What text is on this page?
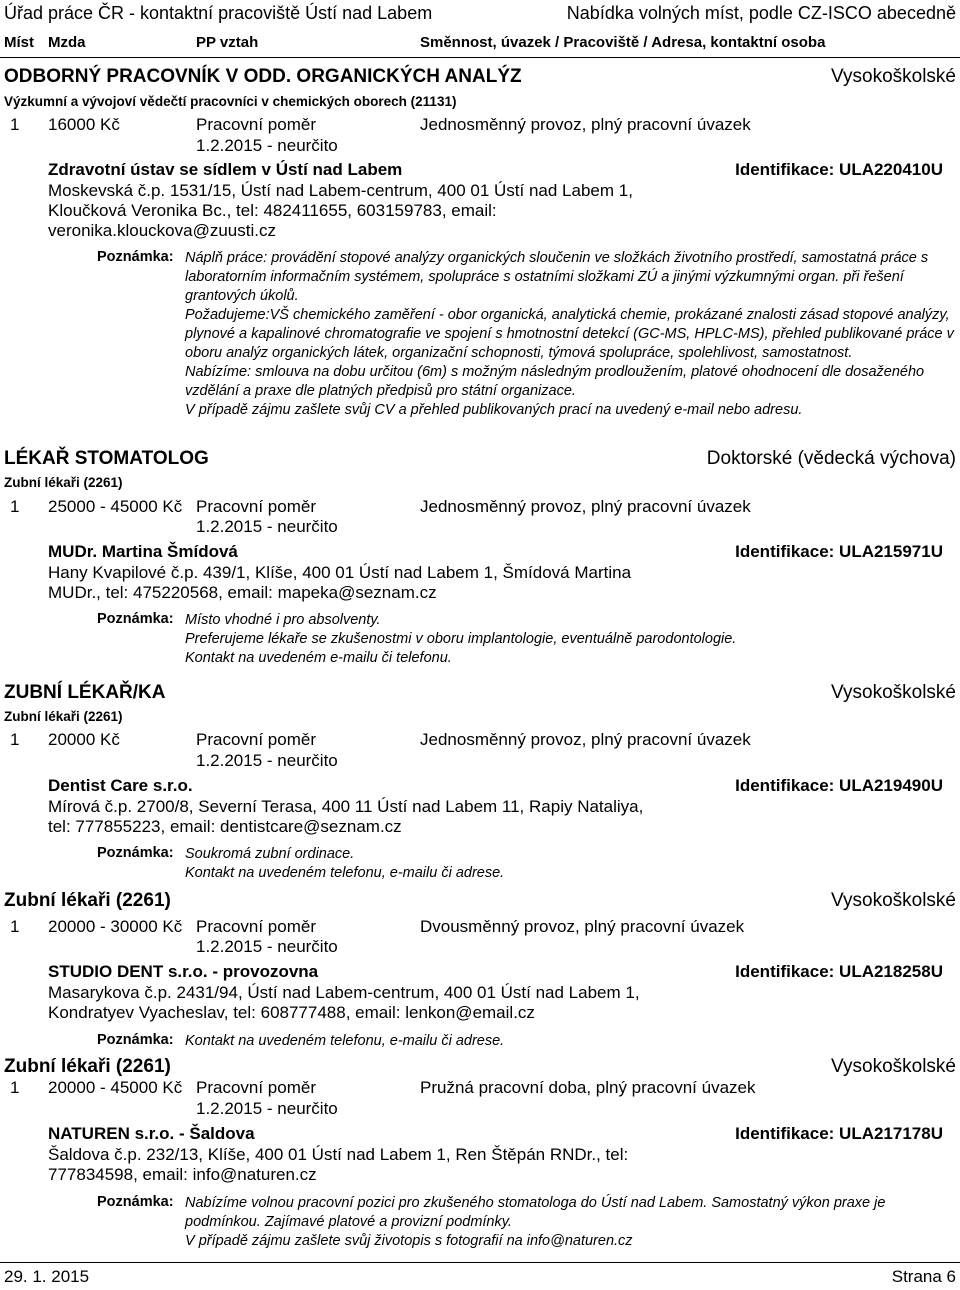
Úřad práce ČR - kontaktní pracoviště Ústí nad Labem	Nabídka volných míst, podle CZ-ISCO abecedně
Míst Mzda	PP vztah	Směnnost, úvazek / Pracoviště / Adresa, kontaktní osoba
ODBORNÝ PRACOVNÍK V ODD. ORGANICKÝCH ANALÝZ	Vysokoškolské
Výzkumní a vývojoví vědečtí pracovníci v chemických oborech (21131)
1 16000 Kč	Pracovní poměr	Jednosměnný provoz, plný pracovní úvazek
1.2.2015 - neurčito
Zdravotní ústav se sídlem v Ústí nad Labem	Identifikace: ULA220410U
Moskevská č.p. 1531/15, Ústí nad Labem-centrum, 400 01 Ústí nad Labem 1,
Kloučková Veronika Bc., tel: 482411655, 603159783, email:
veronika.klouckova@zuusti.cz
Poznámka: Náplň práce: provádění stopové analýzy organických sloučenin ve složkách životního prostředí, samostatná práce s laboratorním informačním systémem, spolupráce s ostatními složkami ZÚ a jinými výzkumnými organ. při řešení grantových úkolů.

Požadujeme:VŠ chemického zaměření - obor organická, analytická chemie, prokázané znalosti zásad stopové analýzy, plynové a kapalinové chromatografie ve spojení s hmotnostní detekcí (GC-MS, HPLC-MS), přehled publikované práce v oboru analýz organických látek, organizační schopnosti, týmová spolupráce, spolehlivost, samostatnost.

Nabízíme: smlouva na dobu určitou (6m) s možným následným prodloužením, platové ohodnocení dle dosaženého vzdělání a praxe dle platných předpisů pro státní organizace.

V případě zájmu zašlete svůj CV a přehled publikovaných prací na uvedený e-mail nebo adresu.

LÉKAŘ STOMATOLOG	Doktorské (vědecká výchova)
Zubní lékaři (2261)
1 25000 - 45000 Kč Pracovní poměr	Jednosměnný provoz, plný pracovní úvazek
1.2.2015 - neurčito
MUDr. Martina Šmídová	Identifikace: ULA215971U
Hany Kvapilové č.p. 439/1, Klíše, 400 01 Ústí nad Labem 1, Šmídová Martina
MUDr., tel: 475220568, email: mapeka@seznam.cz
Poznámka: Místo vhodné i pro absolventy.

Preferujeme lékaře se zkušenostmi v oboru implantologie, eventuálně parodontologie.

Kontakt na uvedeném e-mailu či telefonu.

ZUBNÍ LÉKAŘ/KA	Vysokoškolské
Zubní lékaři (2261)
1 20000 Kč	Pracovní poměr	Jednosměnný provoz, plný pracovní úvazek
1.2.2015 - neurčito
Dentist Care s.r.o.	Identifikace: ULA219490U
Mírová č.p. 2700/8, Severní Terasa, 400 11 Ústí nad Labem 11, Rapiy Nataliya,
tel: 777855223, email: dentistcare@seznam.cz
Poznámka: Soukromá zubní ordinace.

Kontakt na uvedeném telefonu, e-mailu či adrese.

Zubní lékaři (2261)	Vysokoškolské
1 20000 - 30000 Kč Pracovní poměr	Dvousměnný provoz, plný pracovní úvazek
1.2.2015 - neurčito
STUDIO DENT s.r.o. - provozovna	Identifikace: ULA218258U
Masarykova č.p. 2431/94, Ústí nad Labem-centrum, 400 01 Ústí nad Labem 1,
Kondratyev Vyacheslav, tel: 608777488, email: lenkon@email.cz
Poznámka: Kontakt na uvedeném telefonu, e-mailu či adrese.

Zubní lékaři (2261)	Vysokoškolské
1 20000 - 45000 Kč Pracovní poměr	Pružná pracovní doba, plný pracovní úvazek
1.2.2015 - neurčito
NATUREN s.r.o. - Šaldova	Identifikace: ULA217178U
Šaldova č.p. 232/13, Klíše, 400 01 Ústí nad Labem 1, Ren Štěpán RNDr., tel:
777834598, email: info@naturen.cz
Poznámka: Nabízíme volnou pracovní pozici pro zkušeného stomatologa do Ústí nad Labem. Samostatný výkon praxe je podmínkou. Zajímavé platové a provizní podmínky.

V případě zájmu zašlete svůj životopis s fotografií na info@naturen.cz

29. 1. 2015	Strana 6
